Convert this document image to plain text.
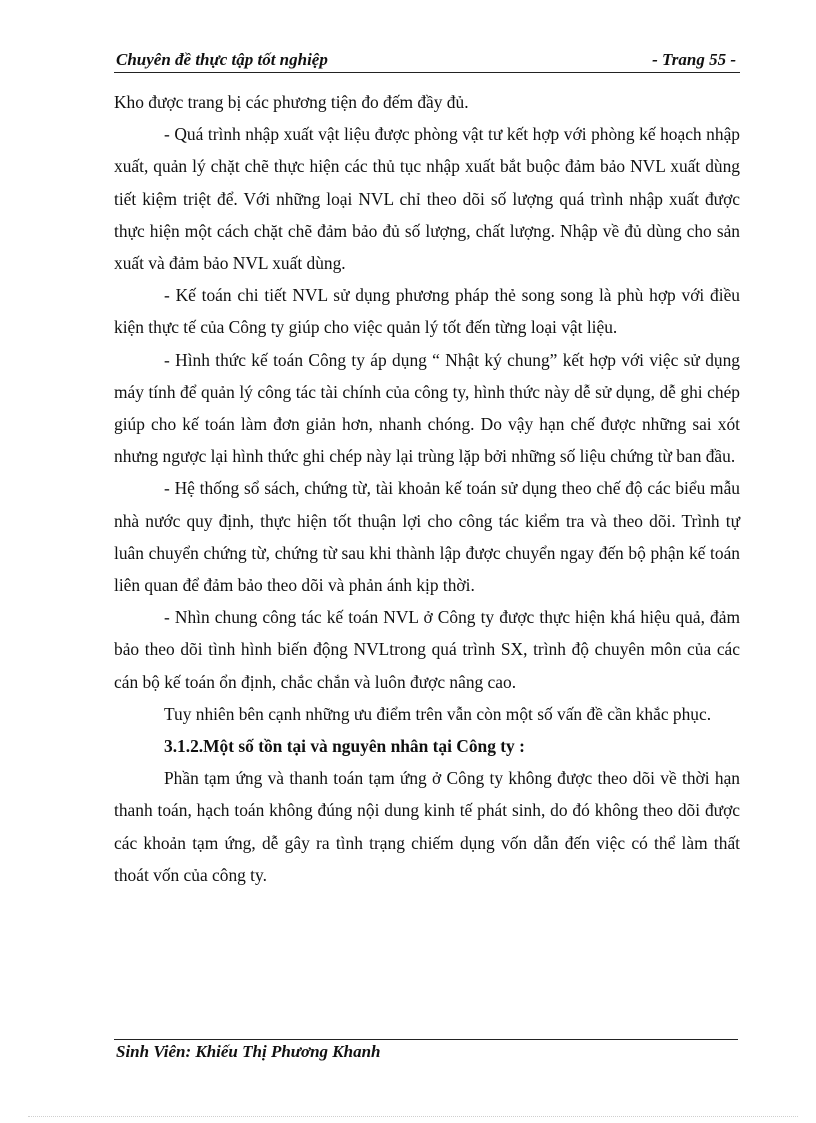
Chuyên đề thực tập tốt nghiệp	- Trang 55 -

Kho được trang bị các phương tiện đo đếm đầy đủ.

- Quá trình nhập xuất vật liệu được phòng vật tư kết hợp với phòng kế hoạch nhập xuất, quản lý chặt chẽ thực hiện các thủ tục nhập xuất bắt buộc đảm bảo NVL xuất dùng tiết kiệm triệt để. Với những loại NVL chỉ theo dõi số lượng quá trình nhập xuất được thực hiện một cách chặt chẽ đảm bảo đủ số lượng, chất lượng. Nhập về đủ dùng cho sản xuất và đảm bảo NVL xuất dùng.

- Kế toán chi tiết NVL sử dụng phương pháp thẻ song song là phù hợp với điều kiện thực tế của Công ty giúp cho việc quản lý tốt đến từng loại vật liệu.

- Hình thức kế toán Công ty áp dụng “ Nhật ký chung” kết hợp với việc sử dụng máy tính để quản lý công tác tài chính của công ty, hình thức này dễ sử dụng, dễ ghi chép giúp cho kế toán làm đơn giản hơn, nhanh chóng. Do vậy hạn chế được những sai xót nhưng ngược lại hình thức ghi chép này lại trùng lặp bởi những số liệu chứng từ ban đầu.

- Hệ thống sổ sách, chứng từ, tài khoản kế toán sử dụng theo chế độ các biểu mẫu nhà nước quy định, thực hiện tốt thuận lợi cho công tác kiểm tra và theo dõi. Trình tự luân chuyển chứng từ, chứng từ sau khi thành lập được chuyển ngay đến bộ phận kế toán liên quan để đảm bảo theo dõi và phản ánh kịp thời.

- Nhìn chung công tác kế toán NVL ở Công ty được thực hiện khá hiệu quả, đảm bảo theo dõi tình hình biến động NVLtrong quá trình SX, trình độ chuyên môn của các cán bộ kế toán ổn định, chắc chắn và luôn được nâng cao.

Tuy nhiên bên cạnh những ưu điểm trên vẫn còn một số vấn đề cần khắc phục.

3.1.2.Một số tồn tại và nguyên nhân tại Công ty :

Phần tạm ứng và thanh toán tạm ứng ở Công ty không được theo dõi về thời hạn thanh toán, hạch toán không đúng nội dung kinh tế phát sinh, do đó không theo dõi được các khoản tạm ứng, dễ gây ra tình trạng chiếm dụng vốn dẫn đến việc có thể làm thất thoát vốn của công ty.

Sinh Viên: Khiếu Thị Phương Khanh
